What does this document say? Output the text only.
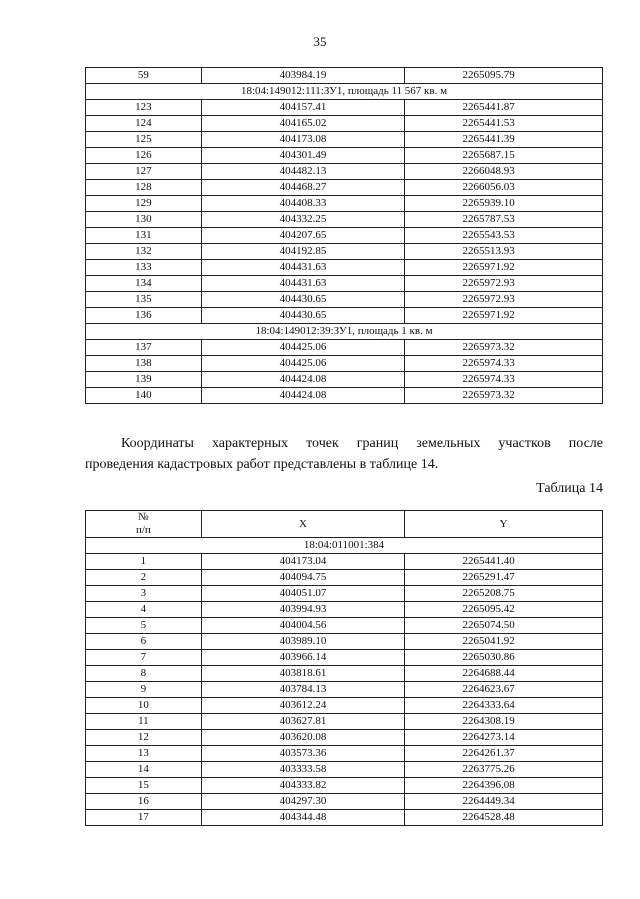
35
59	403984.19	2265095.79
18:04:149012:111:ЗУ1, площадь 11 567 кв. м		
123	404157.41	2265441.87
124	404165.02	2265441.53
125	404173.08	2265441.39
126	404301.49	2265687.15
127	404482.13	2266048.93
128	404468.27	2266056.03
129	404408.33	2265939.10
130	404332.25	2265787.53
131	404207.65	2265543.53
132	404192.85	2265513.93
133	404431.63	2265971.92
134	404431.63	2265972.93
135	404430.65	2265972.93
136	404430.65	2265971.92
18:04:149012:39:ЗУ1, площадь 1 кв. м		
137	404425.06	2265973.32
138	404425.06	2265974.33
139	404424.08	2265974.33
140	404424.08	2265973.32

Координаты характерных точек границ земельных участков после

проведения кадастровых работ представлены в таблице 14.

Таблица 14
№
п/п	X	Y
18:04:011001:384		
1	404173.04	2265441.40
2	404094.75	2265291.47
3	404051.07	2265208.75
4	403994.93	2265095.42
5	404004.56	2265074.50
6	403989.10	2265041.92
7	403966.14	2265030.86
8	403818.61	2264688.44
9	403784.13	2264623.67
10	403612.24	2264333.64
11	403627.81	2264308.19
12	403620.08	2264273.14
13	403573.36	2264261.37
14	403333.58	2263775.26
15	404333.82	2264396.08
16	404297.30	2264449.34
17	404344.48	2264528.48
